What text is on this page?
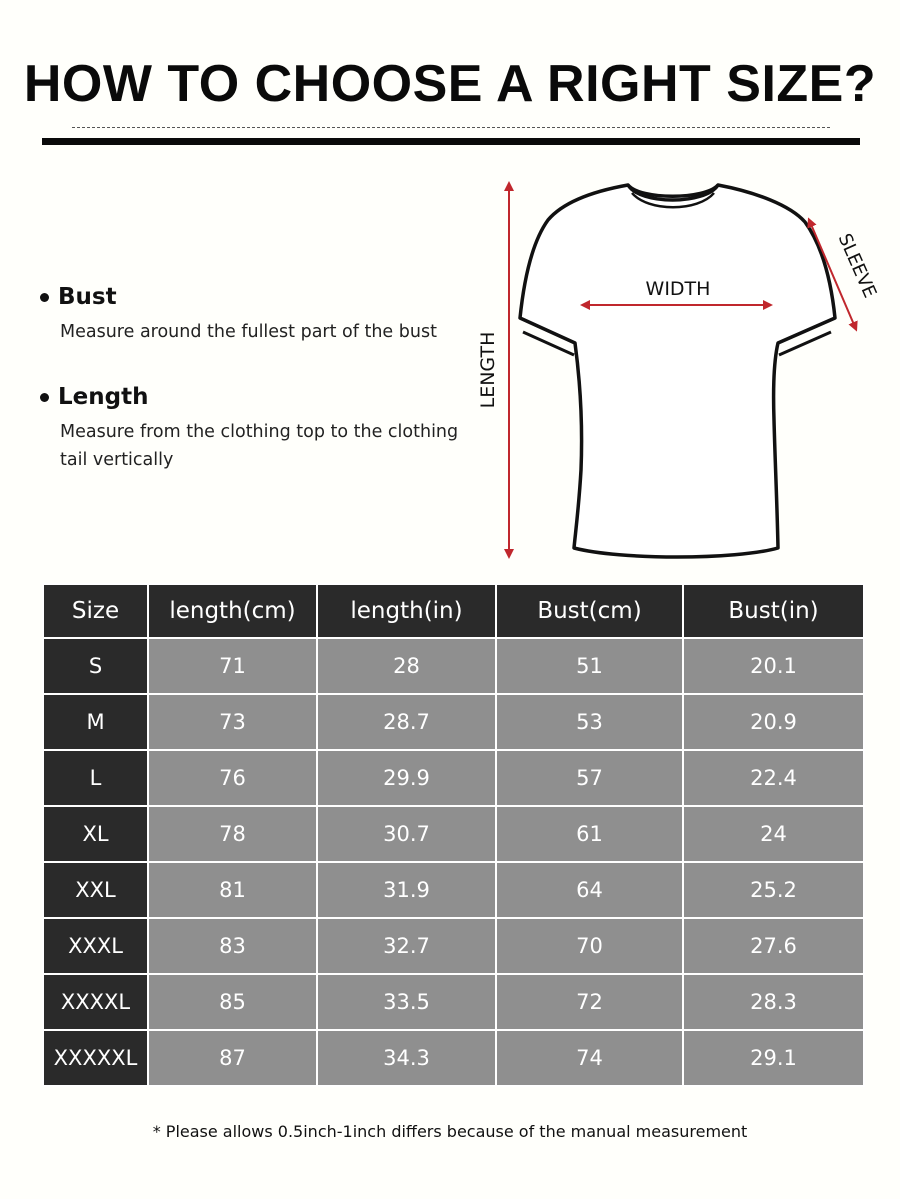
HOW TO CHOOSE A RIGHT SIZE?
Bust
Measure around the fullest part of the bust
Length
Measure from the clothing top to the clothing tail vertically
WIDTH
LENGTH
SLEEVE
Size	length(cm)	length(in)	Bust(cm)	Bust(in)
S	71	28	51	20.1
M	73	28.7	53	20.9
L	76	29.9	57	22.4
XL	78	30.7	61	24
XXL	81	31.9	64	25.2
XXXL	83	32.7	70	27.6
XXXXL	85	33.5	72	28.3
XXXXXL	87	34.3	74	29.1
* Please allows 0.5inch-1inch differs because of the manual measurement
